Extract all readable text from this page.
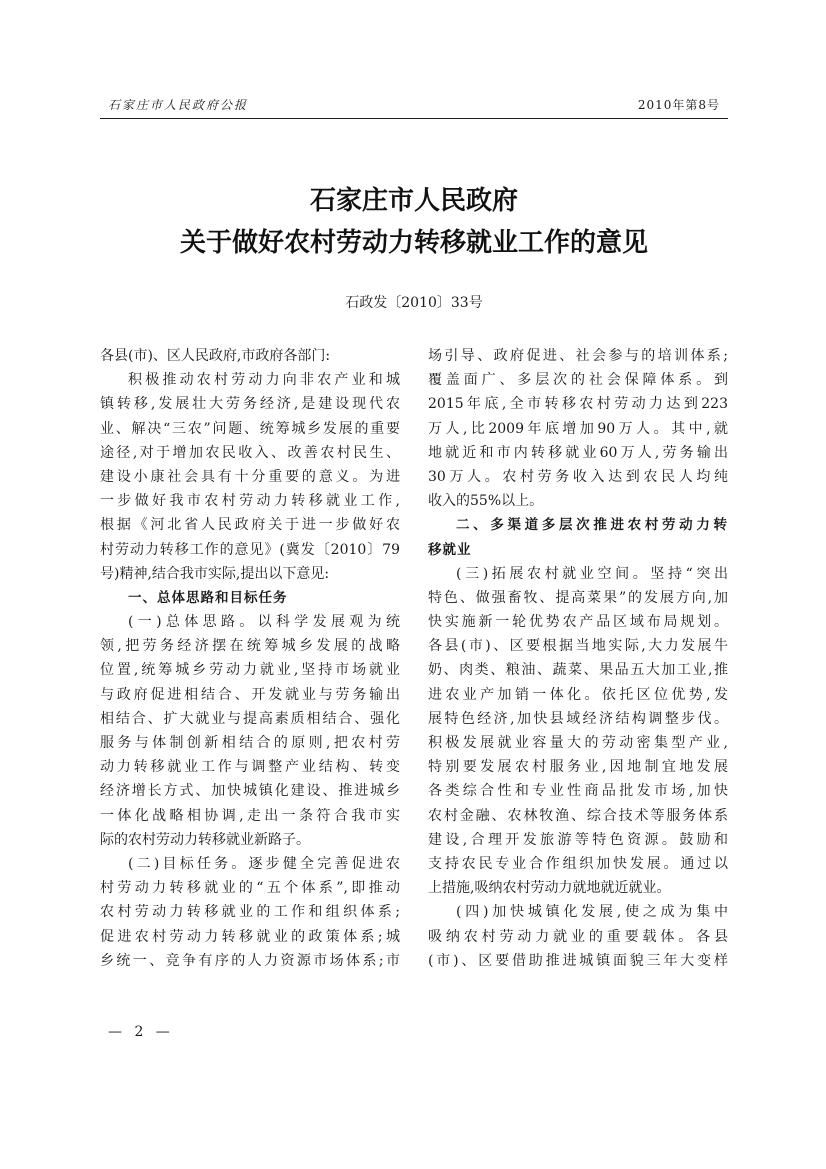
石家庄市人民政府公报	2010年第8号
石家庄市人民政府
关于做好农村劳动力转移就业工作的意见
石政发〔2010〕33号
各县(市)、区人民政府,市政府各部门:
积极推动农村劳动力向非农产业和城
镇转移,发展壮大劳务经济,是建设现代农
业、解决“三农”问题、统筹城乡发展的重要
途径,对于增加农民收入、改善农村民生、
建设小康社会具有十分重要的意义。为进
一步做好我市农村劳动力转移就业工作,
根据《河北省人民政府关于进一步做好农
村劳动力转移工作的意见》(冀发〔2010〕79
号)精神,结合我市实际,提出以下意见:
一、总体思路和目标任务
(一)总体思路。以科学发展观为统
领,把劳务经济摆在统筹城乡发展的战略
位置,统筹城乡劳动力就业,坚持市场就业
与政府促进相结合、开发就业与劳务输出
相结合、扩大就业与提高素质相结合、强化
服务与体制创新相结合的原则,把农村劳
动力转移就业工作与调整产业结构、转变
经济增长方式、加快城镇化建设、推进城乡
一体化战略相协调,走出一条符合我市实
际的农村劳动力转移就业新路子。
(二)目标任务。逐步健全完善促进农
村劳动力转移就业的“五个体系”,即推动
农村劳动力转移就业的工作和组织体系;
促进农村劳动力转移就业的政策体系;城
乡统一、竞争有序的人力资源市场体系;市
场引导、政府促进、社会参与的培训体系;
覆盖面广、多层次的社会保障体系。到
2015年底,全市转移农村劳动力达到223
万人,比2009年底增加90万人。其中,就
地就近和市内转移就业60万人,劳务输出
30万人。农村劳务收入达到农民人均纯
收入的55%以上。
二、多渠道多层次推进农村劳动力转
移就业
(三)拓展农村就业空间。坚持“突出
特色、做强畜牧、提高菜果”的发展方向,加
快实施新一轮优势农产品区域布局规划。
各县(市)、区要根据当地实际,大力发展牛
奶、肉类、粮油、蔬菜、果品五大加工业,推
进农业产加销一体化。依托区位优势,发
展特色经济,加快县域经济结构调整步伐。
积极发展就业容量大的劳动密集型产业,
特别要发展农村服务业,因地制宜地发展
各类综合性和专业性商品批发市场,加快
农村金融、农林牧渔、综合技术等服务体系
建设,合理开发旅游等特色资源。鼓励和
支持农民专业合作组织加快发展。通过以
上措施,吸纳农村劳动力就地就近就业。
(四)加快城镇化发展,使之成为集中
吸纳农村劳动力就业的重要载体。各县
(市)、区要借助推进城镇面貌三年大变样
— 2 —
